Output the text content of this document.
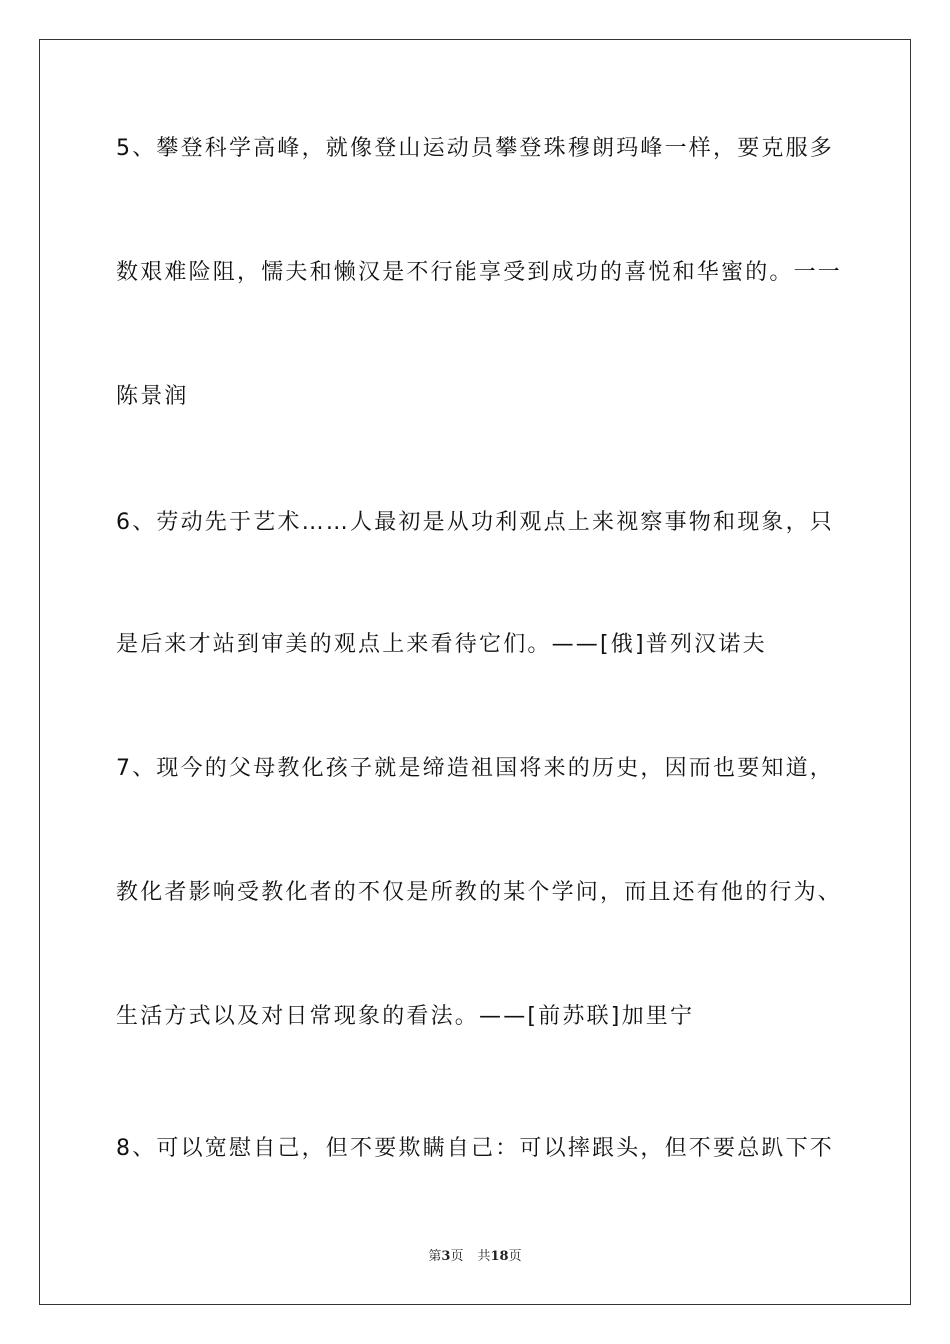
5、攀登科学高峰，就像登山运动员攀登珠穆朗玛峰一样，要克服多
数艰难险阻，懦夫和懒汉是不行能享受到成功的喜悦和华蜜的。一一
陈景润
6、劳动先于艺术……人最初是从功利观点上来视察事物和现象，只
是后来才站到审美的观点上来看待它们。——[俄]普列汉诺夫
7、现今的父母教化孩子就是缔造祖国将来的历史，因而也要知道，
教化者影响受教化者的不仅是所教的某个学问，而且还有他的行为、
生活方式以及对日常现象的看法。——[前苏联]加里宁
8、可以宽慰自己，但不要欺瞒自己：可以摔跟头，但不要总趴下不
第3页 共18页
